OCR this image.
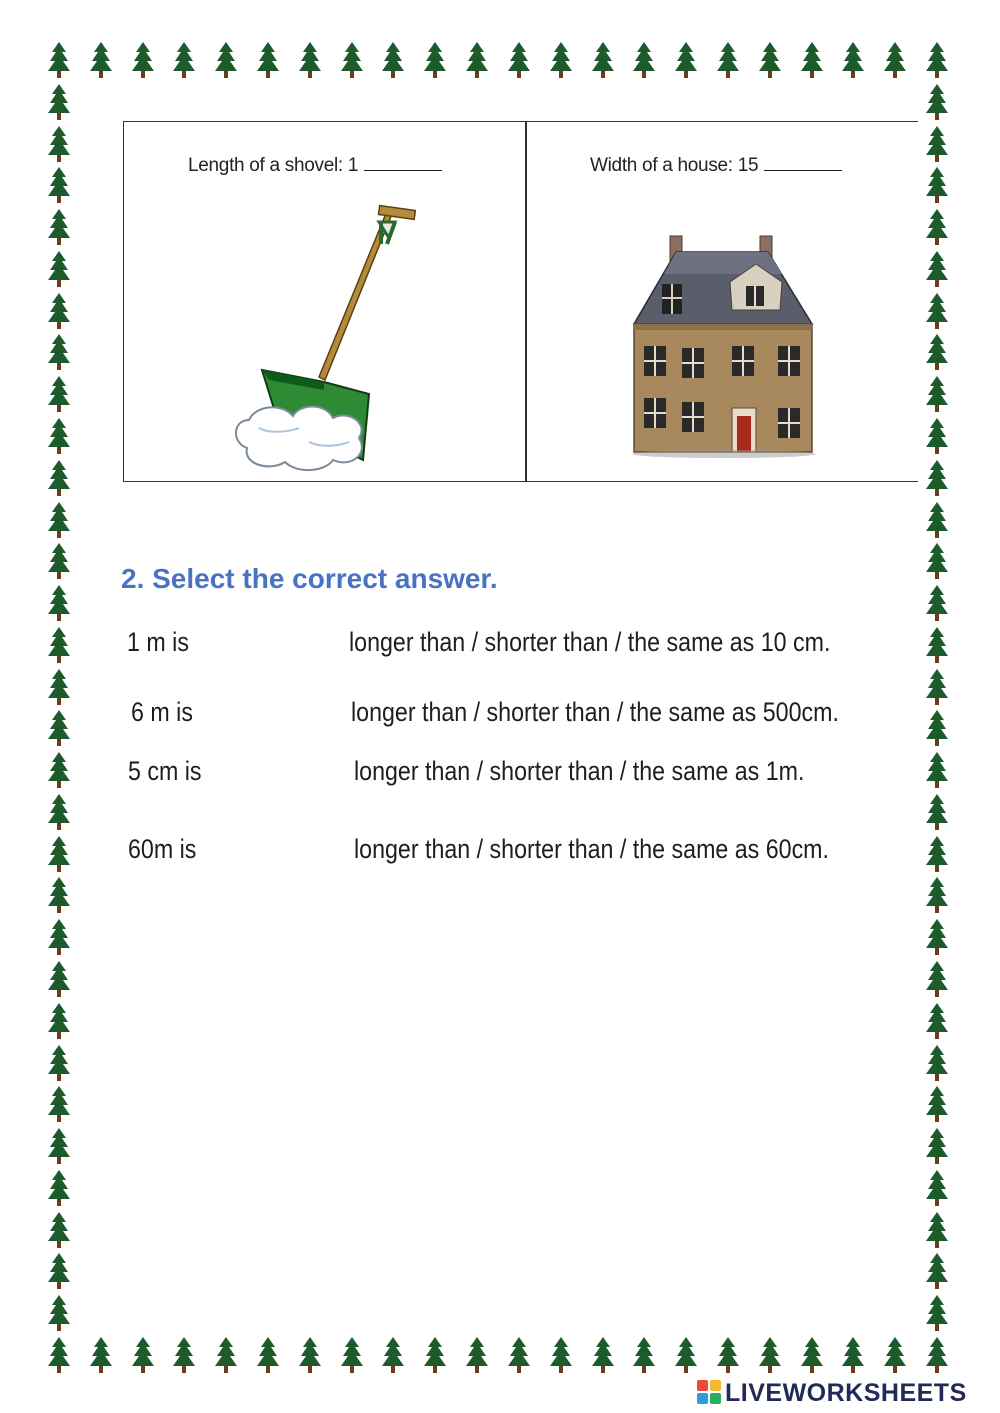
Length of a shovel: 1	Width of a house: 15
2. Select the correct answer.
1 m is	longer than / shorter than / the same as 10 cm.
6 m is	longer than / shorter than / the same as 500cm.
5 cm is	longer than / shorter than / the same as 1m.
60m is	longer than / shorter than / the same as 60cm.
LIVEWORKSHEETS
